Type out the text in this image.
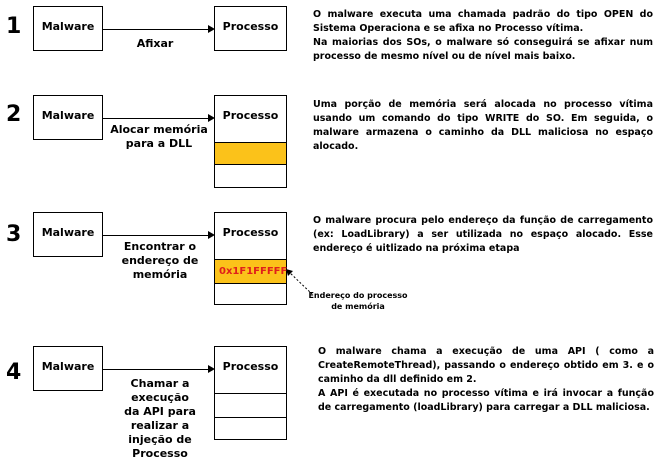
1	Malware
Afixar
Processo

O malware executa uma chamada padrão do tipo OPEN do Sistema Operaciona e se afixa no Processo vítima.

Na maiorias dos SOs, o malware só conseguirá se afixar num processo de mesmo nível ou de nível mais baixo.

2	Malware
Alocar memória para a DLL
Processo

Uma porção de memória será alocada no processo vítima usando um comando do tipo WRITE do SO. Em seguida, o malware armazena o caminho da DLL maliciosa no espaço alocado.

3	Malware
Encontrar o endereço de memória
Processo
0x1F1FFFFF
Endereço do processo de memória

O malware procura pelo endereço da função de carregamento (ex: LoadLibrary) a ser utilizada no espaço alocado. Esse endereço é uitlizado na próxima etapa

4	Malware
Chamar a execução da API para realizar a injeção de Processo
Processo

O malware chama a execução de uma API ( como a CreateRemoteThread), passando o endereço obtido em 3. e o caminho da dll definido em 2.

A API é executada no processo vítima e irá invocar a função de carregamento (loadLibrary) para carregar a DLL maliciosa.
